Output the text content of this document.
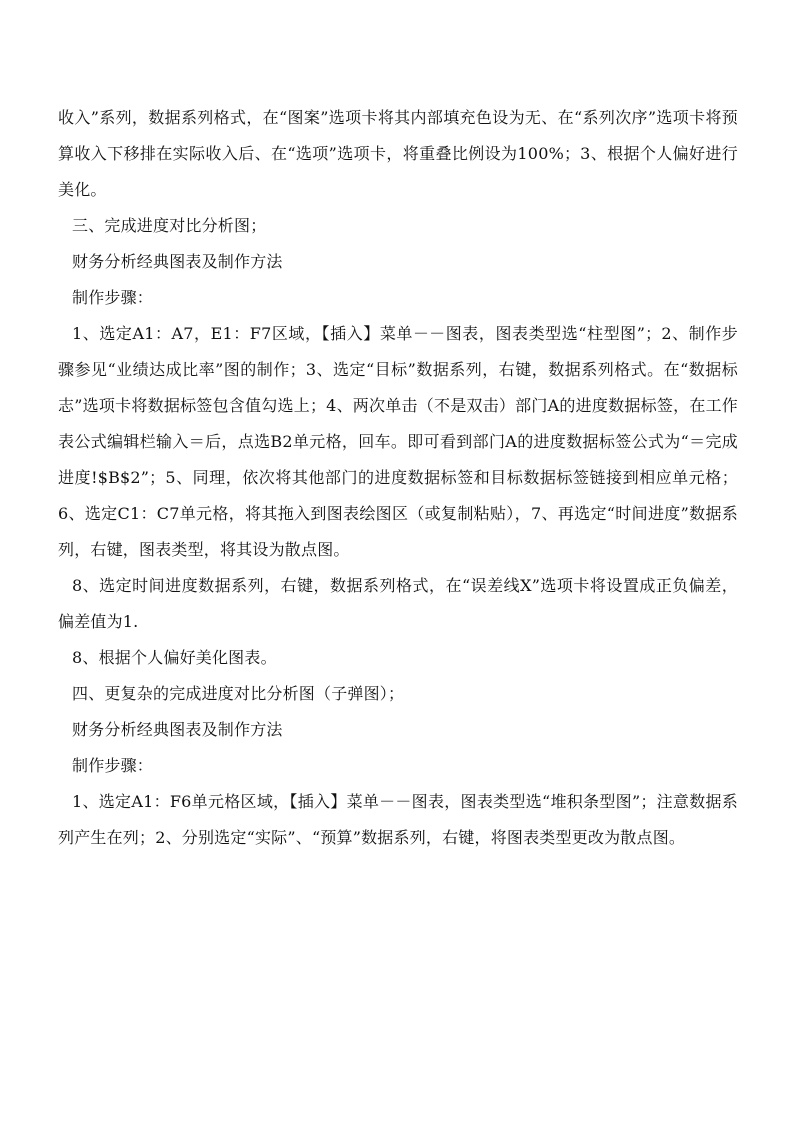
收入”系列，数据系列格式，在“图案”选项卡将其内部填充色设为无、在“系列次序”选项卡将预算收入下移排在实际收入后、在“选项”选项卡，将重叠比例设为100%；3、根据个人偏好进行美化。

三、完成进度对比分析图；

财务分析经典图表及制作方法

制作步骤：

1、选定A1：A7，E1：F7区域，【插入】菜单－－图表，图表类型选“柱型图”；2、制作步骤参见“业绩达成比率”图的制作；3、选定“目标”数据系列，右键，数据系列格式。在“数据标志”选项卡将数据标签包含值勾选上；4、两次单击（不是双击）部门A的进度数据标签，在工作表公式编辑栏输入＝后，点选B2单元格，回车。即可看到部门A的进度数据标签公式为“＝完成进度!$B$2”；5、同理，依次将其他部门的进度数据标签和目标数据标签链接到相应单元格；6、选定C1：C7单元格，将其拖入到图表绘图区（或复制粘贴），7、再选定“时间进度”数据系列，右键，图表类型，将其设为散点图。

8、选定时间进度数据系列，右键，数据系列格式，在“误差线X”选项卡将设置成正负偏差，偏差值为1.

8、根据个人偏好美化图表。

四、更复杂的完成进度对比分析图（子弹图）；

财务分析经典图表及制作方法

制作步骤：

1、选定A1：F6单元格区域，【插入】菜单－－图表，图表类型选“堆积条型图”；注意数据系列产生在列；2、分别选定“实际”、“预算”数据系列，右键，将图表类型更改为散点图。
